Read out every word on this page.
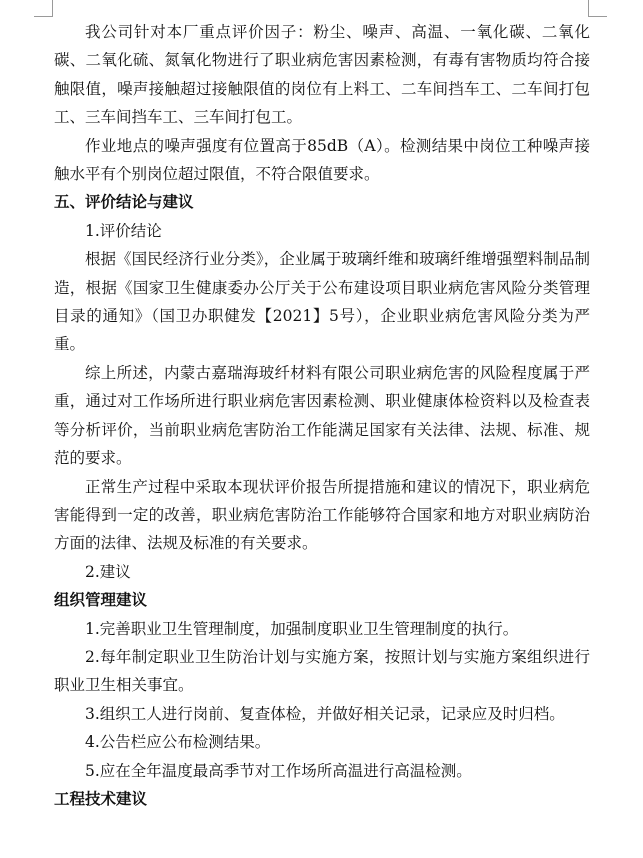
我公司针对本厂重点评价因子：粉尘、噪声、高温、一氧化碳、二氧化碳、二氧化硫、氮氧化物进行了职业病危害因素检测，有毒有害物质均符合接触限值，噪声接触超过接触限值的岗位有上料工、二车间挡车工、二车间打包工、三车间挡车工、三车间打包工。

作业地点的噪声强度有位置高于85dB（A）。检测结果中岗位工种噪声接触水平有个别岗位超过限值，不符合限值要求。

五、评价结论与建议

1.评价结论

根据《国民经济行业分类》，企业属于玻璃纤维和玻璃纤维增强塑料制品制造，根据《国家卫生健康委办公厅关于公布建设项目职业病危害风险分类管理目录的通知》（国卫办职健发【2021】5号），企业职业病危害风险分类为严重。

综上所述，内蒙古嘉瑞海玻纤材料有限公司职业病危害的风险程度属于严重，通过对工作场所进行职业病危害因素检测、职业健康体检资料以及检查表等分析评价，当前职业病危害防治工作能满足国家有关法律、法规、标准、规范的要求。

正常生产过程中采取本现状评价报告所提措施和建议的情况下，职业病危害能得到一定的改善，职业病危害防治工作能够符合国家和地方对职业病防治方面的法律、法规及标准的有关要求。

2.建议

组织管理建议

1.完善职业卫生管理制度，加强制度职业卫生管理制度的执行。

2.每年制定职业卫生防治计划与实施方案，按照计划与实施方案组织进行职业卫生相关事宜。

3.组织工人进行岗前、复查体检，并做好相关记录，记录应及时归档。

4.公告栏应公布检测结果。

5.应在全年温度最高季节对工作场所高温进行高温检测。

工程技术建议
